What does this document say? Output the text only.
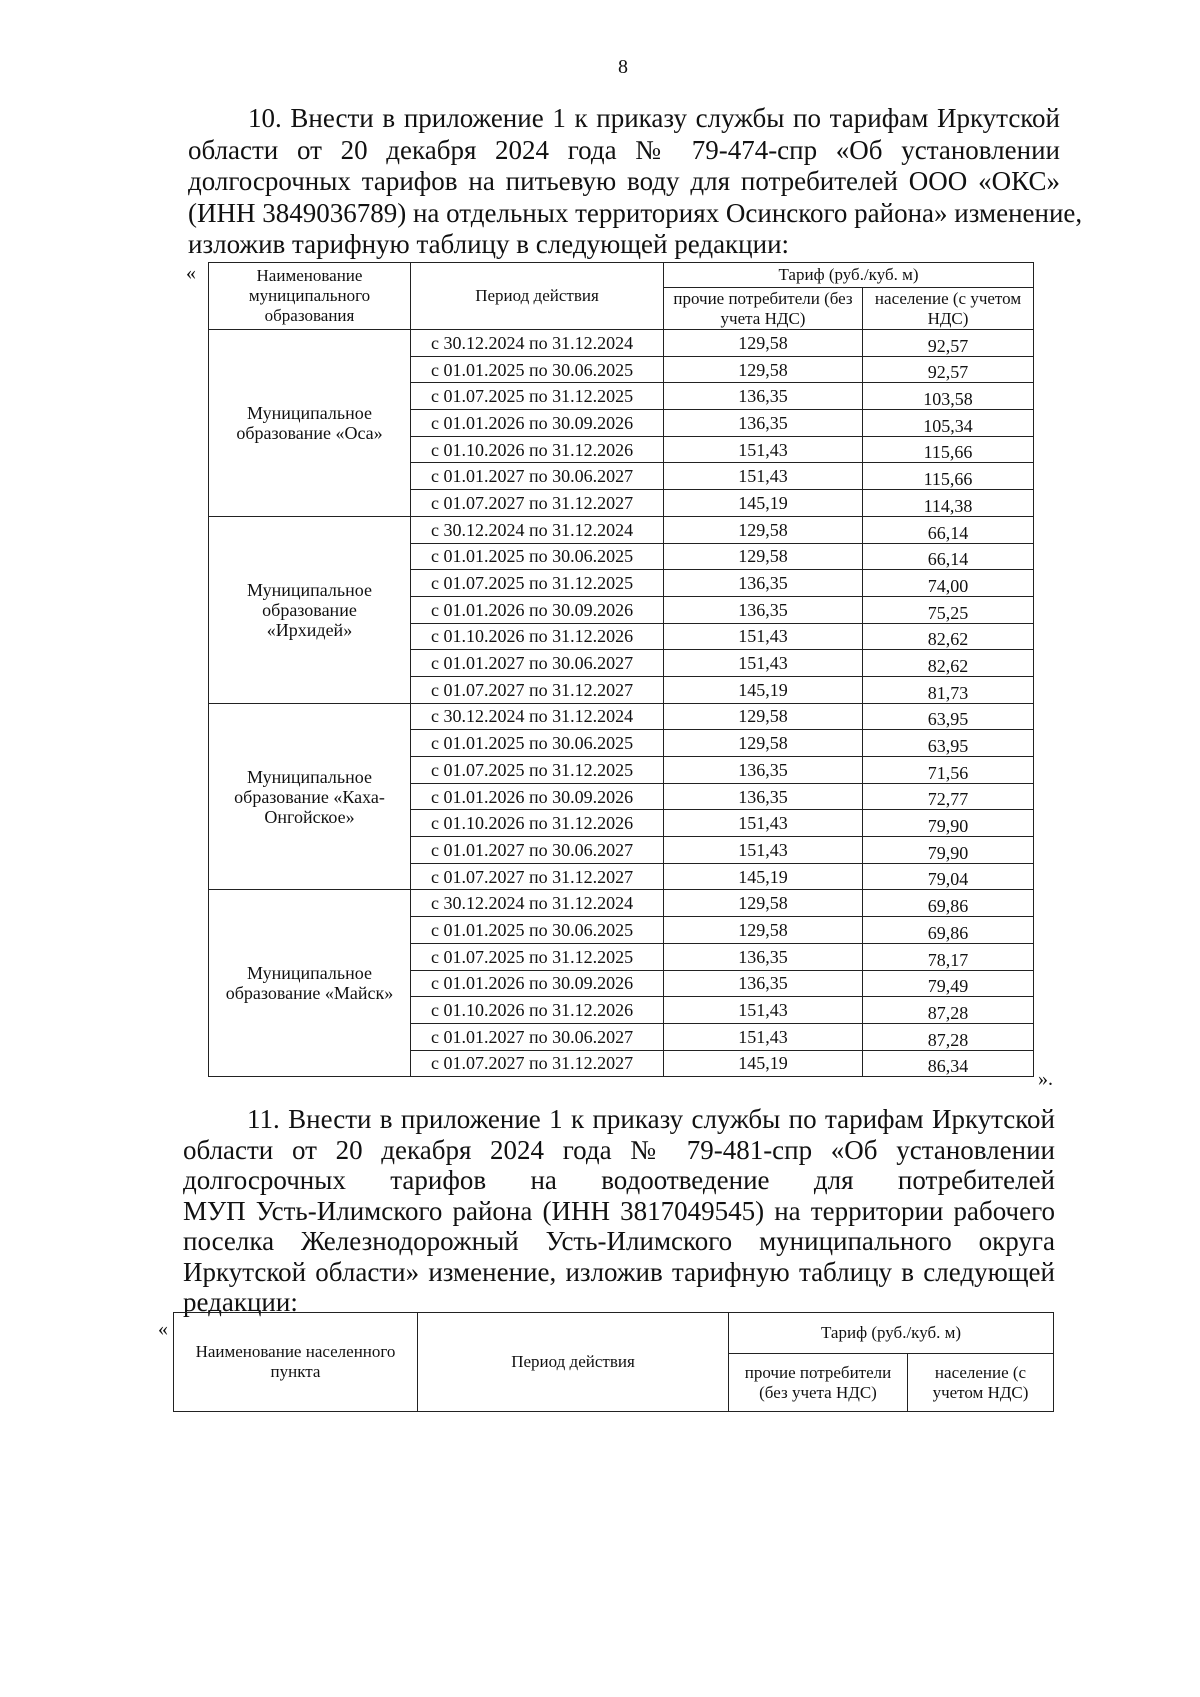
8
10. Внести в приложение 1 к приказу службы по тарифам Иркутской
области от 20 декабря 2024 года № 79-474-спр «Об установлении
долгосрочных тарифов на питьевую воду для потребителей ООО «ОКС»
(ИНН 3849036789) на отдельных территориях Осинского района» изменение,
изложив тарифную таблицу в следующей редакции:
«	Наименование муниципального образования	Период действия	Тариф (руб./куб. м)	
		прочие потребители (без учета НДС)	население (с учетом НДС)
Муниципальное образование «Оса»	с 30.12.2024 по 31.12.2024	129,58	92,57
	с 01.01.2025 по 30.06.2025	129,58	92,57
	с 01.07.2025 по 31.12.2025	136,35	103,58
	с 01.01.2026 по 30.09.2026	136,35	105,34
	с 01.10.2026 по 31.12.2026	151,43	115,66
	с 01.01.2027 по 30.06.2027	151,43	115,66
	с 01.07.2027 по 31.12.2027	145,19	114,38
Муниципальное образование «Ирхидей»	с 30.12.2024 по 31.12.2024	129,58	66,14
	с 01.01.2025 по 30.06.2025	129,58	66,14
	с 01.07.2025 по 31.12.2025	136,35	74,00
	с 01.01.2026 по 30.09.2026	136,35	75,25
	с 01.10.2026 по 31.12.2026	151,43	82,62
	с 01.01.2027 по 30.06.2027	151,43	82,62
	с 01.07.2027 по 31.12.2027	145,19	81,73
Муниципальное образование «Каха-Онгойское»	с 30.12.2024 по 31.12.2024	129,58	63,95
	с 01.01.2025 по 30.06.2025	129,58	63,95
	с 01.07.2025 по 31.12.2025	136,35	71,56
	с 01.01.2026 по 30.09.2026	136,35	72,77
	с 01.10.2026 по 31.12.2026	151,43	79,90
	с 01.01.2027 по 30.06.2027	151,43	79,90
	с 01.07.2027 по 31.12.2027	145,19	79,04
Муниципальное образование «Майск»	с 30.12.2024 по 31.12.2024	129,58	69,86
	с 01.01.2025 по 30.06.2025	129,58	69,86
	с 01.07.2025 по 31.12.2025	136,35	78,17
	с 01.01.2026 по 30.09.2026	136,35	79,49
	с 01.10.2026 по 31.12.2026	151,43	87,28
	с 01.01.2027 по 30.06.2027	151,43	87,28
	с 01.07.2027 по 31.12.2027	145,19	86,34
».
11. Внести в приложение 1 к приказу службы по тарифам Иркутской
области от 20 декабря 2024 года № 79-481-спр «Об установлении
долгосрочных тарифов на водоотведение для потребителей
МУП Усть-Илимского района (ИНН 3817049545) на территории рабочего
поселка Железнодорожный Усть-Илимского муниципального округа
Иркутской области» изменение, изложив тарифную таблицу в следующей
редакции:
«
Наименование населенного пункта	Период действия	Тариф (руб./куб. м)	
		прочие потребители (без учета НДС)	население (с учетом НДС)
